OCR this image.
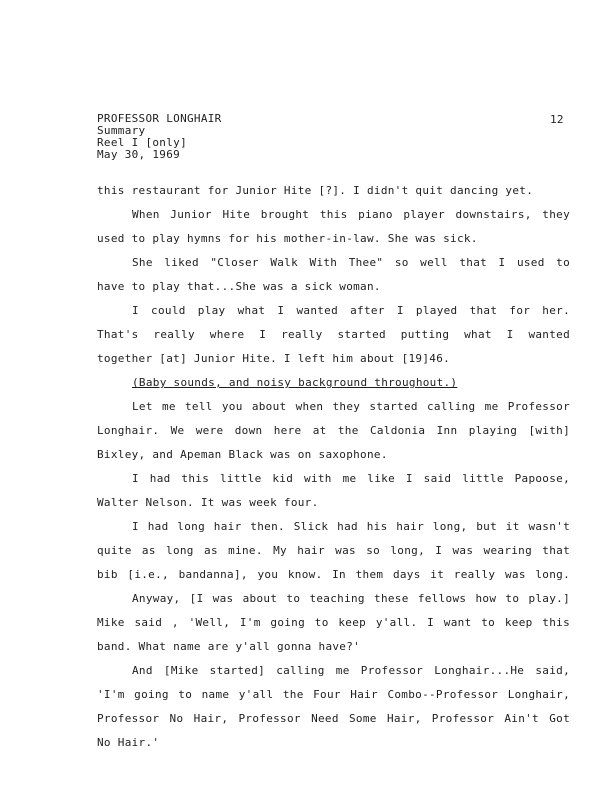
PROFESSOR LONGHAIR
Summary
Reel I [only]
May 30, 1969
12
this restaurant for Junior Hite [?]. I didn't quit dancing yet.
When Junior Hite brought this piano player downstairs, they
used to play hymns for his mother-in-law. She was sick.
She liked "Closer Walk With Thee" so well that I used to
have to play that...She was a sick woman.
I could play what I wanted after I played that for her.
That's really where I really started putting what I wanted
together [at] Junior Hite. I left him about [19]46.
(Baby sounds, and noisy background throughout.)
Let me tell you about when they started calling me Professor
Longhair. We were down here at the Caldonia Inn playing [with]
Bixley, and Apeman Black was on saxophone.
I had this little kid with me like I said little Papoose,
Walter Nelson. It was week four.
I had long hair then. Slick had his hair long, but it wasn't
quite as long as mine. My hair was so long, I was wearing that
bib [i.e., bandanna], you know. In them days it really was long.
Anyway, [I was about to teaching these fellows how to play.]
Mike said , 'Well, I'm going to keep y'all. I want to keep this
band. What name are y'all gonna have?'
And [Mike started] calling me Professor Longhair...He said,
'I'm going to name y'all the Four Hair Combo--Professor Longhair,
Professor No Hair, Professor Need Some Hair, Professor Ain't Got
No Hair.'
